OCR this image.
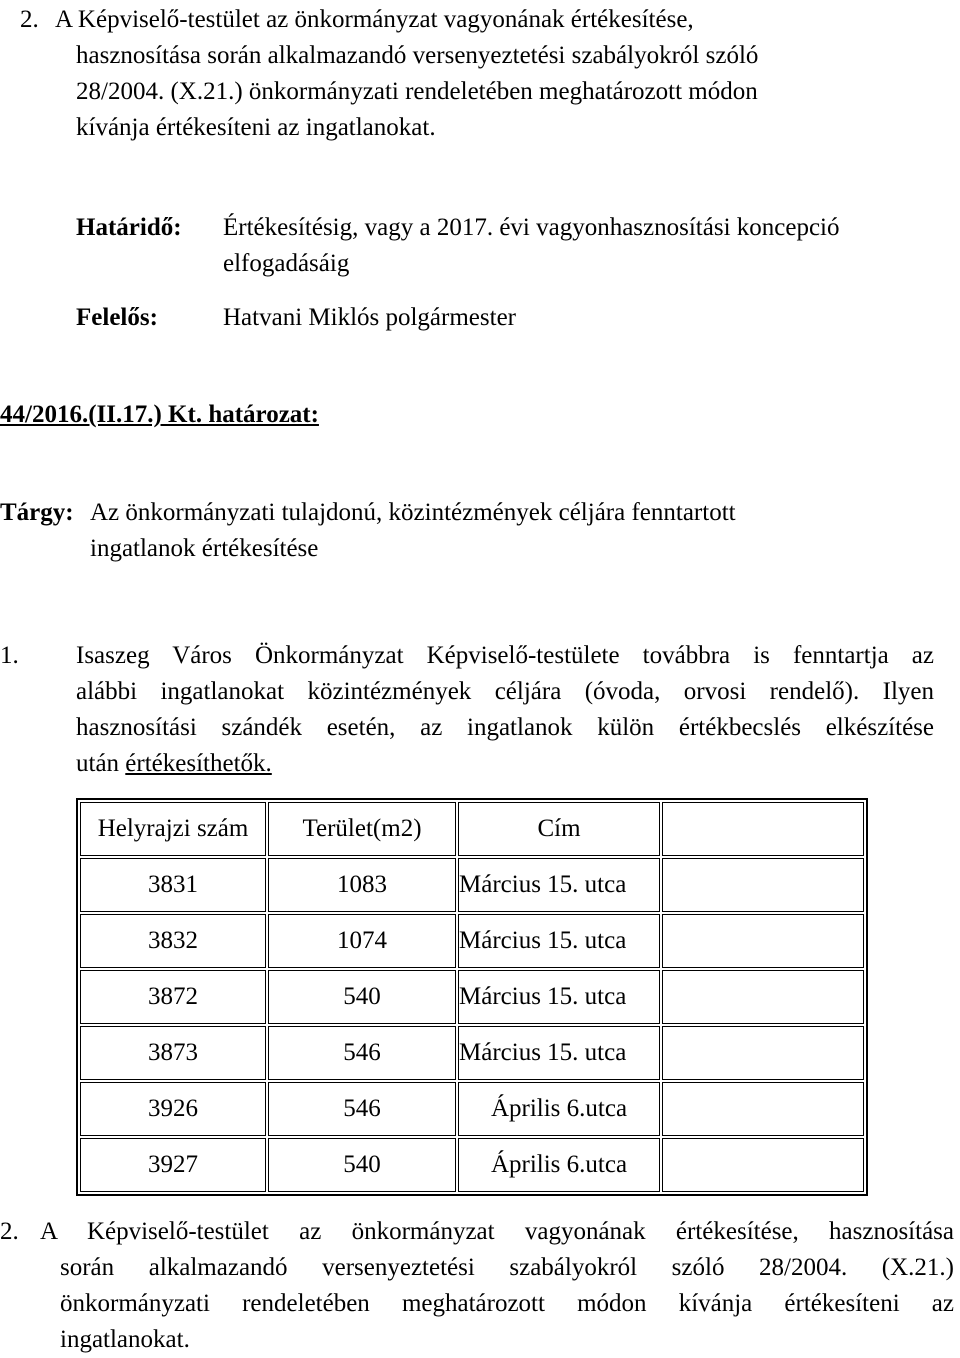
2. A Képviselő-testület az önkormányzat vagyonának értékesítése,
hasznosítása során alkalmazandó versenyeztetési szabályokról szóló
28/2004. (X.21.) önkormányzati rendeletében meghatározott módon
kívánja értékesíteni az ingatlanokat.
Határidő: Értékesítésig, vagy a 2017. évi vagyonhasznosítási koncepció
elfogadásáig
Felelős:	Hatvani Miklós polgármester
44/2016.(II.17.) Kt. határozat:
Tárgy: Az önkormányzati tulajdonú, közintézmények céljára fenntartott
ingatlanok értékesítése
1. Isaszeg Város Önkormányzat Képviselő-testülete továbbra is fenntartja az
alábbi ingatlanokat közintézmények céljára (óvoda, orvosi rendelő). Ilyen
hasznosítási szándék esetén, az ingatlanok külön értékbecslés elkészítése
után értékesíthetők.
Helyrajzi szám	Terület(m2)	Cím	
3831	1083	Március 15. utca	
3832	1074	Március 15. utca	
3872	540	Március 15. utca	
3873	546	Március 15. utca	
3926	546	Április 6.utca	
3927	540	Április 6.utca	
2. A Képviselő-testület az önkormányzat vagyonának értékesítése, hasznosítása
során alkalmazandó versenyeztetési szabályokról szóló 28/2004. (X.21.)
önkormányzati rendeletében meghatározott módon kívánja értékesíteni az
ingatlanokat.
